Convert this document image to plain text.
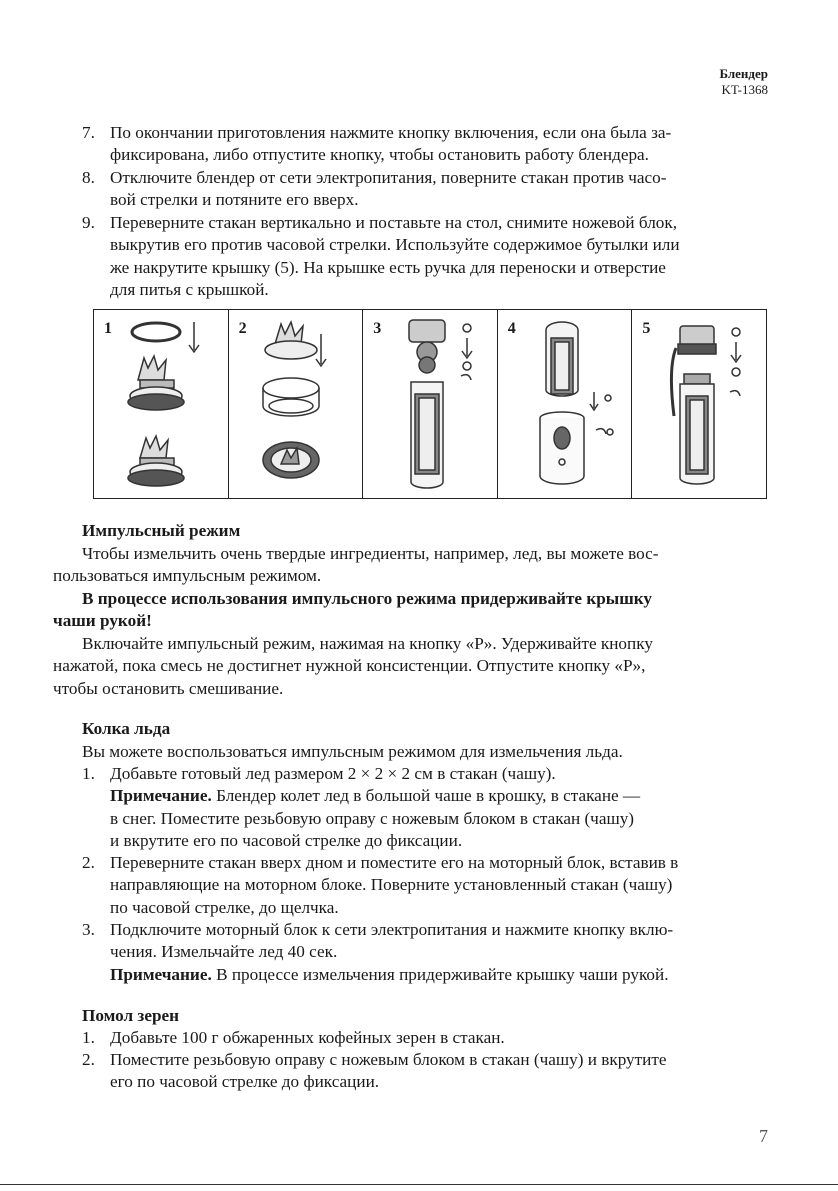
Блендер
KT-1368
7. По окончании приготовления нажмите кнопку включения, если она была за-
фиксирована, либо отпустите кнопку, чтобы остановить работу блендера.
8. Отключите блендер от сети электропитания, поверните стакан против часо-
вой стрелки и потяните его вверх.
9. Переверните стакан вертикально и поставьте на стол, снимите ножевой блок,
выкрутив его против часовой стрелки. Используйте содержимое бутылки или
же накрутите крышку (5). На крышке есть ручка для переноски и отверстие
для питья с крышкой.
1	2	3	4	5
Импульсный режим
Чтобы измельчить очень твердые ингредиенты, например, лед, вы можете вос-
пользоваться импульсным режимом.
В процессе использования импульсного режима придерживайте крышку
чаши рукой!
Включайте импульсный режим, нажимая на кнопку «P». Удерживайте кнопку
нажатой, пока смесь не достигнет нужной консистенции. Отпустите кнопку «P»,
чтобы остановить смешивание.
Колка льда
Вы можете воспользоваться импульсным режимом для измельчения льда.
1. Добавьте готовый лед размером 2 × 2 × 2 см в стакан (чашу).
Примечание. Блендер колет лед в большой чаше в крошку, в стакане —
в снег. Поместите резьбовую оправу с ножевым блоком в стакан (чашу)
и вкрутите его по часовой стрелке до фиксации.
2. Переверните стакан вверх дном и поместите его на моторный блок, вставив в
направляющие на моторном блоке. Поверните установленный стакан (чашу)
по часовой стрелке, до щелчка.
3. Подключите моторный блок к сети электропитания и нажмите кнопку вклю-
чения. Измельчайте лед 40 сек.
Примечание. В процессе измельчения придерживайте крышку чаши рукой.
Помол зерен
1. Добавьте 100 г обжаренных кофейных зерен в стакан.
2. Поместите резьбовую оправу с ножевым блоком в стакан (чашу) и вкрутите
его по часовой стрелке до фиксации.
7
